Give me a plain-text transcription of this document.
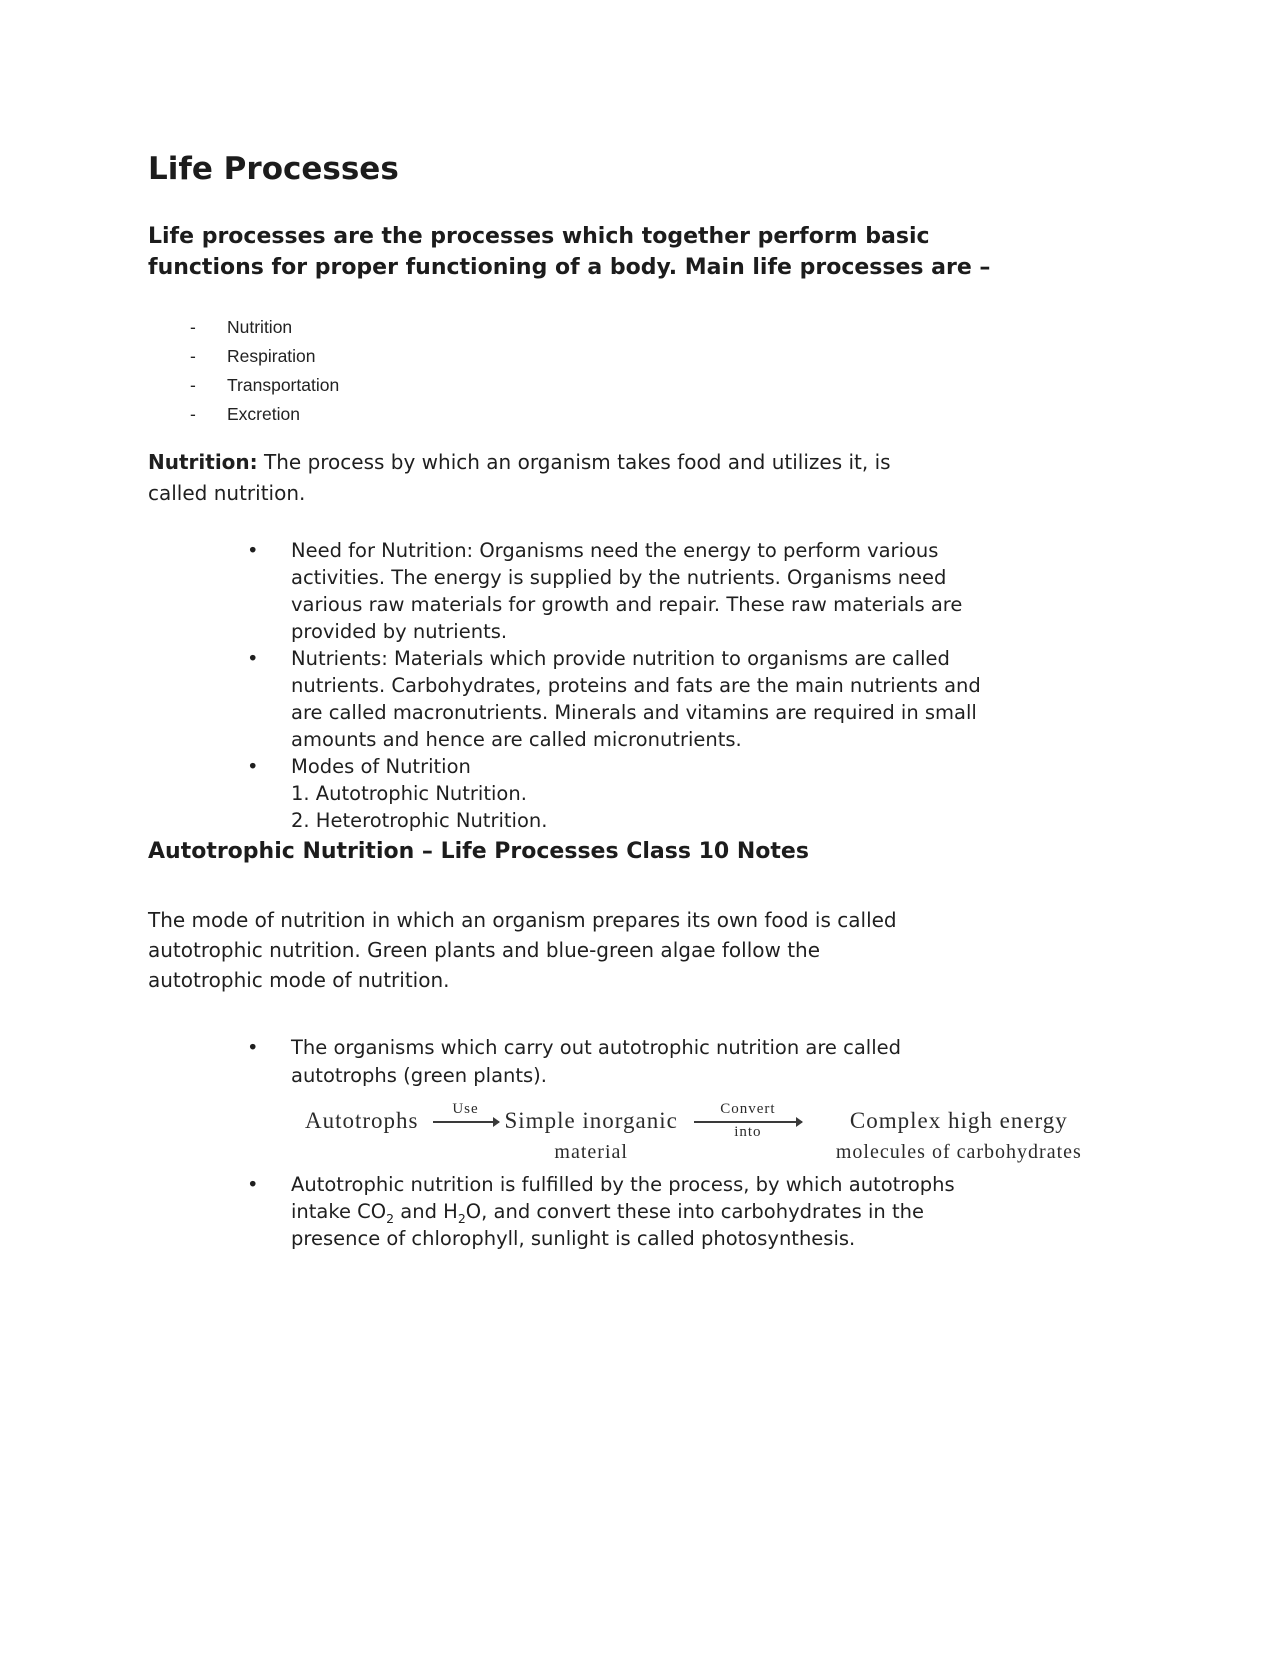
Life Processes

Life processes are the processes which together perform basic
functions for proper functioning of a body. Main life processes are –

- Nutrition
- Respiration
- Transportation
- Excretion

Nutrition: The process by which an organism takes food and utilizes it, is
called nutrition.

• Need for Nutrition: Organisms need the energy to perform various
activities. The energy is supplied by the nutrients. Organisms need
various raw materials for growth and repair. These raw materials are
provided by nutrients.
• Nutrients: Materials which provide nutrition to organisms are called
nutrients. Carbohydrates, proteins and fats are the main nutrients and
are called macronutrients. Minerals and vitamins are required in small
amounts and hence are called micronutrients.
• Modes of Nutrition
1. Autotrophic Nutrition.
2. Heterotrophic Nutrition.
Autotrophic Nutrition – Life Processes Class 10 Notes

The mode of nutrition in which an organism prepares its own food is called
autotrophic nutrition. Green plants and blue-green algae follow the
autotrophic mode of nutrition.

• The organisms which carry out autotrophic nutrition are called
autotrophs (green plants).
Autotrophs Use Simple inorganic
material
Convert
into	Complex high energy
molecules of carbohydrates
• Autotrophic nutrition is fulfilled by the process, by which autotrophs
intake $CO_2$ and $H_2O$, and convert these into carbohydrates in the
presence of chlorophyll, sunlight is called photosynthesis.
